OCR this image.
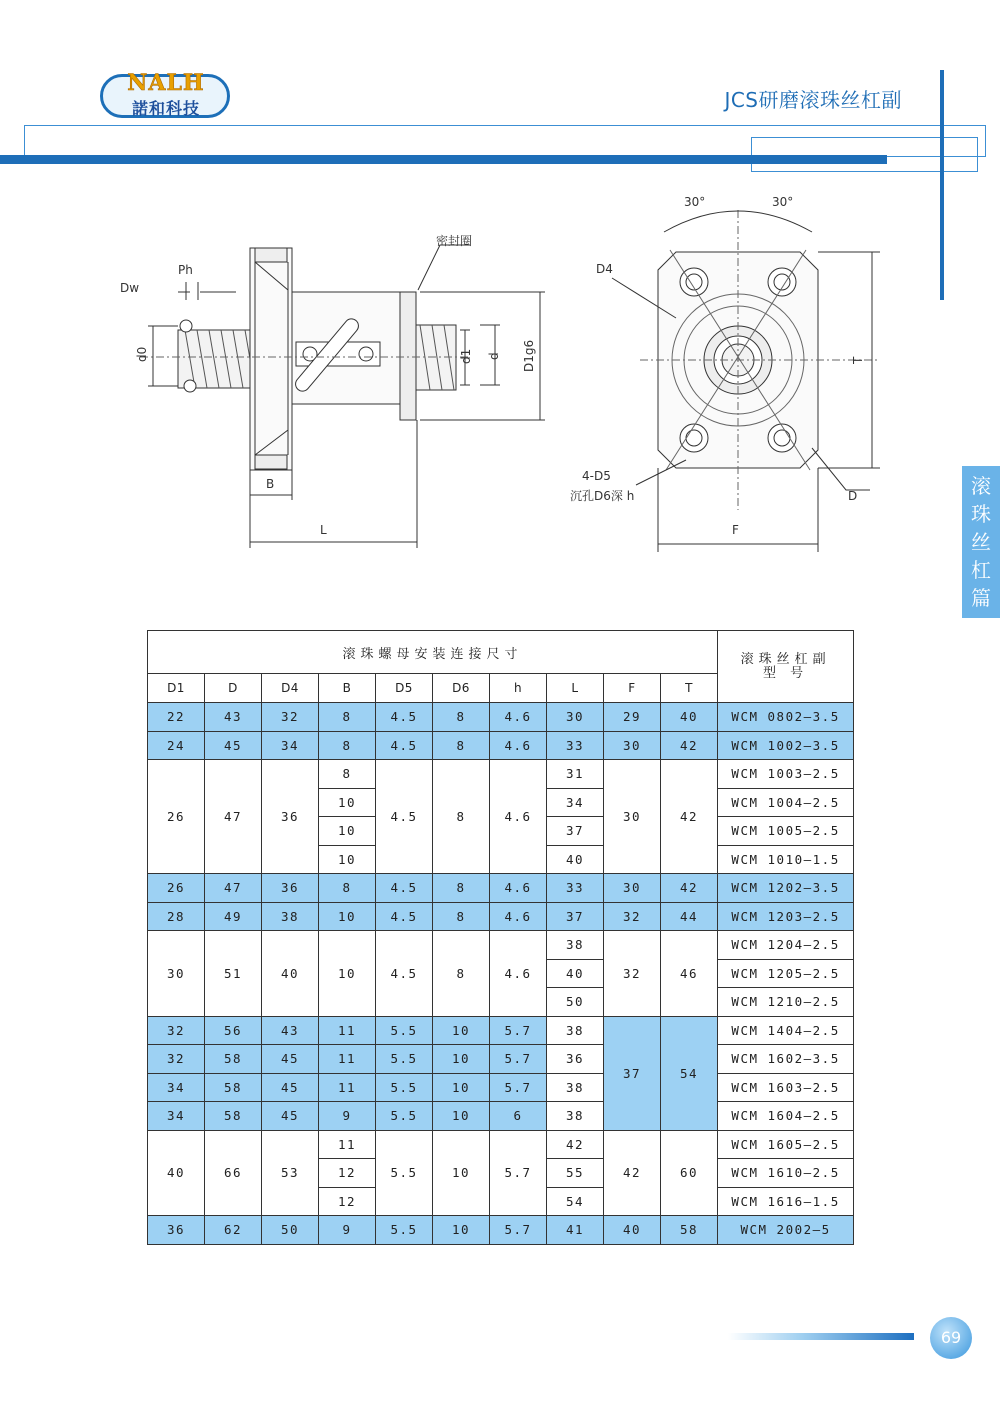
NALH
諾和科技	JCS研磨滚珠丝杠副
滚
珠
丝
杠
篇
Dw
Ph
d0
密封圈
d1 d D1g6
B
L
30°	30°
D4
T
4-D5
沉孔D6深 h	D
F
滚珠螺母安装连接尺寸										滚珠丝杠副
型 号

D1	D	D4	B	D5	D6	h	L	F	T	
22	43	32	8	4.5	8	4.6	30	29	40	WCM 0802—3.5
24	45	34	8	4.5	8	4.6	33	30	42	WCM 1002—3.5
26	47	36	8	4.5	8	4.6	31	30	42	WCM 1003—2.5
			10				34			WCM 1004—2.5
			10				37			WCM 1005—2.5
			10				40			WCM 1010—1.5
26	47	36	8	4.5	8	4.6	33	30	42	WCM 1202—3.5
28	49	38	10	4.5	8	4.6	37	32	44	WCM 1203—2.5
30	51	40	10	4.5	8	4.6	38	32	46	WCM 1204—2.5
							40			WCM 1205—2.5
							50			WCM 1210—2.5
32	56	43	11	5.5	10	5.7	38	37	54	WCM 1404—2.5
32	58	45	11	5.5	10	5.7	36			WCM 1602—3.5
34	58	45	11	5.5	10	5.7	38			WCM 1603—2.5
34	58	45	9	5.5	10	6	38			WCM 1604—2.5
40	66	53	11	5.5	10	5.7	42	42	60	WCM 1605—2.5
			12				55			WCM 1610—2.5
			12				54			WCM 1616—1.5
36	62	50	9	5.5	10	5.7	41	40	58	WCM 2002—5
69
